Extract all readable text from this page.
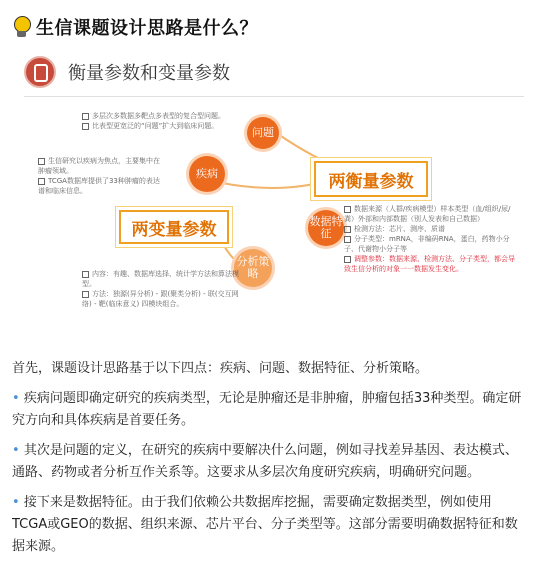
生信课题设计思路是什么？
衡量参数和变量参数
多层次多数据多靶点多表型的复合型问题。
比表型更宽泛的“问题”扩大到临床问题。	问题
生信研究以疾病为焦点，主要集中在肿瘤领域。
TCGA数据库提供了33种肿瘤的表达谱和临床信息。
疾病	两衡量参数
两变量参数	数据特征
数据来源（人群/疾病模型）样本类型（血/组织/尿/粪）外部和内部数据（别人发表和自己数据）
检测方法：芯片、测序、质谱
分子类型：mRNA，非编码RNA，蛋白，药物小分子、代谢物小分子等
调整参数：数据来源、检测方法、分子类型，都会导致生信分析的对象一一数据发生变化。
分析策略
内容：有趣、数据库选择、统计学方法和算法模型。
方法：独源(异分析) - 跟(聚类分析) - 联(交互网络) - 靶(临床意义) 四模块组合。

首先，课题设计思路基于以下四点：疾病、问题、数据特征、分析策略。

• 疾病问题即确定研究的疾病类型，无论是肿瘤还是非肿瘤，肿瘤包括33种类型。确定研究方向和具体疾病是首要任务。

• 其次是问题的定义，在研究的疾病中要解决什么问题，例如寻找差异基因、表达模式、通路、药物或者分析互作关系等。这要求从多层次角度研究疾病，明确研究问题。

• 接下来是数据特征。由于我们依赖公共数据库挖掘，需要确定数据类型，例如使用TCGA或GEO的数据、组织来源、芯片平台、分子类型等。这部分需要明确数据特征和数据来源。
